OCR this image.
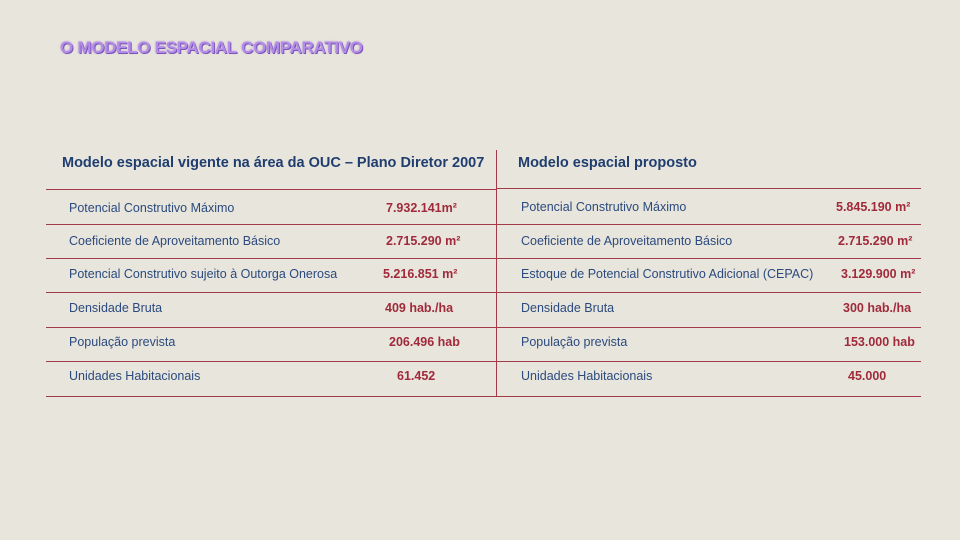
O MODELO ESPACIAL COMPARATIVO
Modelo espacial vigente na área da OUC – Plano Diretor 2007 Modelo espacial proposto
Potencial Construtivo Máximo	7.932.141m²
Coeficiente de Aproveitamento Básico	2.715.290 m²
Potencial Construtivo sujeito à Outorga Onerosa	5.216.851 m²
Densidade Bruta	409 hab./ha
População prevista	206.496 hab
Unidades Habitacionais	61.452
Potencial Construtivo Máximo	5.845.190 m²
Coeficiente de Aproveitamento Básico	2.715.290 m²
Estoque de Potencial Construtivo Adicional (CEPAC) 3.129.900 m²
Densidade Bruta	300 hab./ha
População prevista	153.000 hab
Unidades Habitacionais	45.000
